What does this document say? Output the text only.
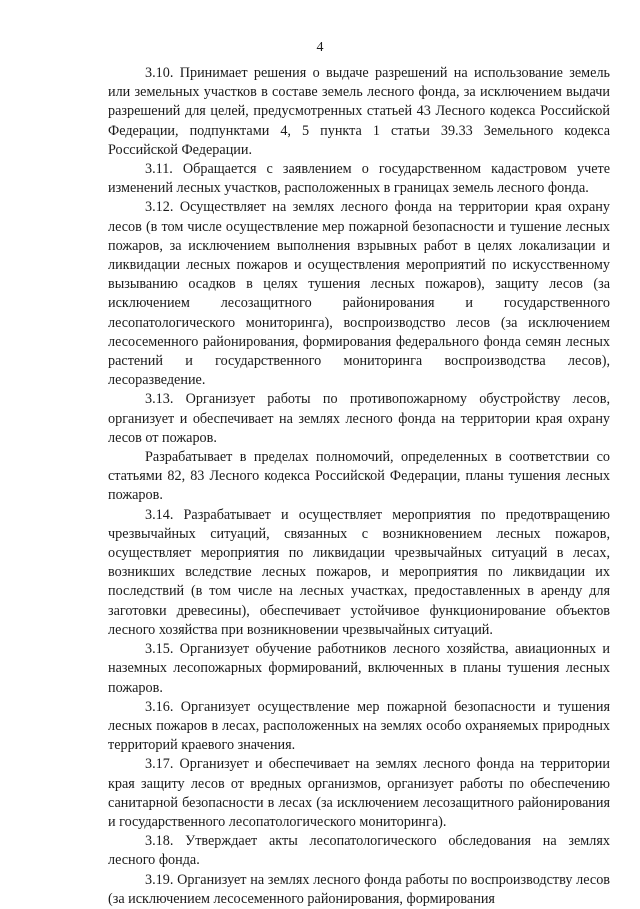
4

3.10. Принимает решения о выдаче разрешений на использование земель или земельных участков в составе земель лесного фонда, за исключением выдачи разрешений для целей, предусмотренных статьей 43 Лесного кодекса Российской Федерации, подпунктами 4, 5 пункта 1 статьи 39.33 Земельного кодекса Российской Федерации.

3.11. Обращается с заявлением о государственном кадастровом учете изменений лесных участков, расположенных в границах земель лесного фонда.

3.12. Осуществляет на землях лесного фонда на территории края охрану лесов (в том числе осуществление мер пожарной безопасности и тушение лесных пожаров, за исключением выполнения взрывных работ в целях локализации и ликвидации лесных пожаров и осуществления мероприятий по искусственному вызыванию осадков в целях тушения лесных пожаров), защиту лесов (за исключением лесозащитного районирования и государственного лесопатологического мониторинга), воспроизводство лесов (за исключением лесосеменного районирования, формирования федерального фонда семян лесных растений и государственного мониторинга воспроизводства лесов), лесоразведение.

3.13. Организует работы по противопожарному обустройству лесов, организует и обеспечивает на землях лесного фонда на территории края охрану лесов от пожаров.

Разрабатывает в пределах полномочий, определенных в соответствии со статьями 82, 83 Лесного кодекса Российской Федерации, планы тушения лесных пожаров.

3.14. Разрабатывает и осуществляет мероприятия по предотвращению чрезвычайных ситуаций, связанных с возникновением лесных пожаров, осуществляет мероприятия по ликвидации чрезвычайных ситуаций в лесах, возникших вследствие лесных пожаров, и мероприятия по ликвидации их последствий (в том числе на лесных участках, предоставленных в аренду для заготовки древесины), обеспечивает устойчивое функционирование объектов лесного хозяйства при возникновении чрезвычайных ситуаций.

3.15. Организует обучение работников лесного хозяйства, авиационных и наземных лесопожарных формирований, включенных в планы тушения лесных пожаров.

3.16. Организует осуществление мер пожарной безопасности и тушения лесных пожаров в лесах, расположенных на землях особо охраняемых природных территорий краевого значения.

3.17. Организует и обеспечивает на землях лесного фонда на территории края защиту лесов от вредных организмов, организует работы по обеспечению санитарной безопасности в лесах (за исключением лесозащитного районирования и государственного лесопатологического мониторинга).

3.18. Утверждает акты лесопатологического обследования на землях лесного фонда.

3.19. Организует на землях лесного фонда работы по воспроизводству лесов (за исключением лесосеменного районирования, формирования
